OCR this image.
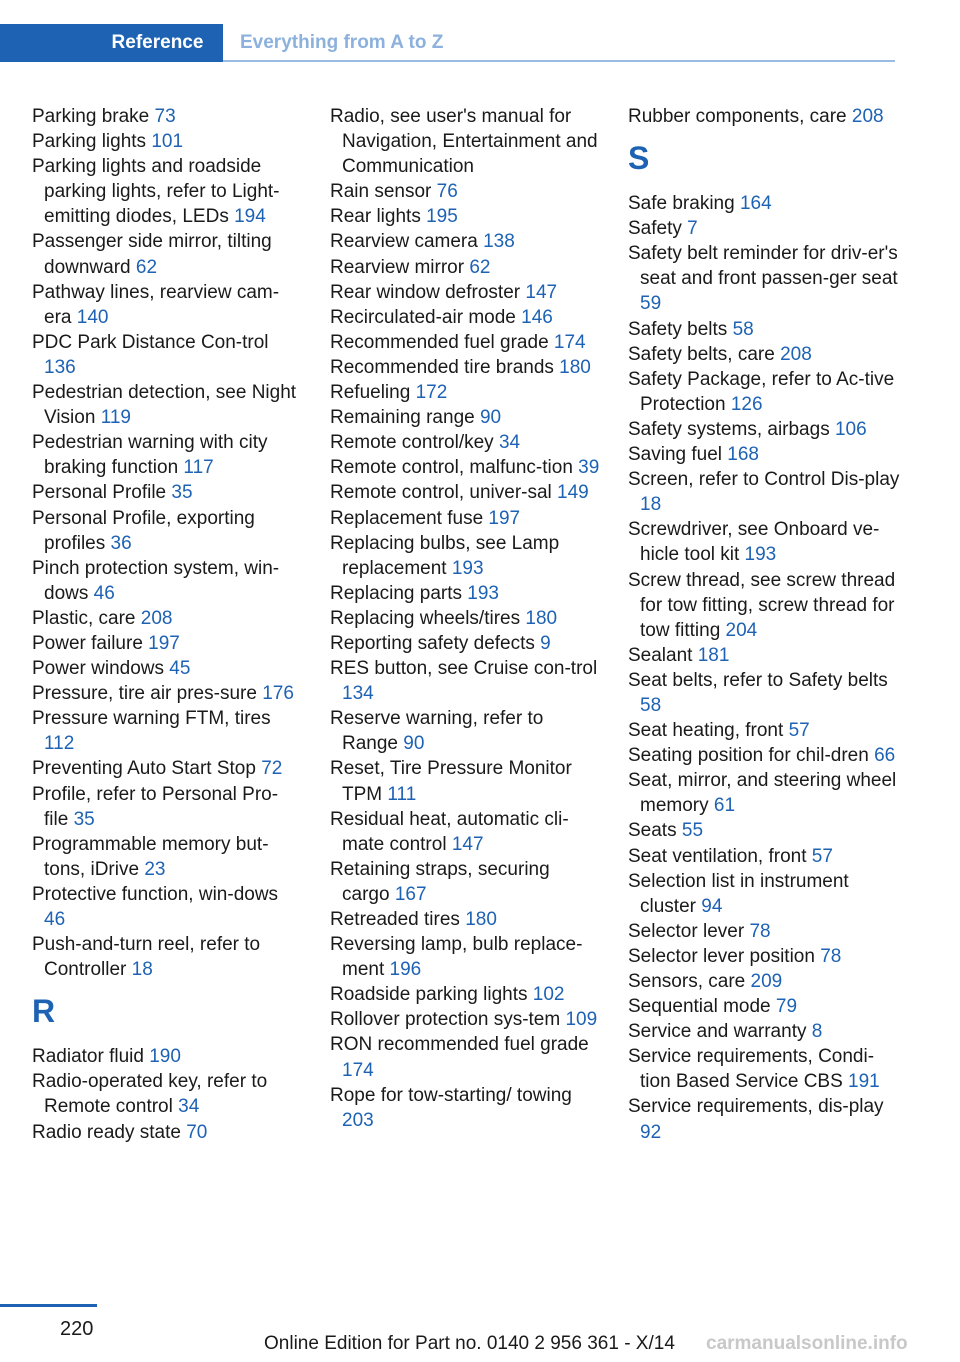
Reference Everything from A to Z
Parking brake 73
Parking lights 101
Parking lights and roadside parking lights, refer to Light-emitting diodes, LEDs 194
Passenger side mirror, tilting downward 62
Pathway lines, rearview cam-era 140
PDC Park Distance Con-trol 136
Pedestrian detection, see Night Vision 119
Pedestrian warning with city braking function 117
Personal Profile 35
Personal Profile, exporting profiles 36
Pinch protection system, win-dows 46
Plastic, care 208
Power failure 197
Power windows 45
Pressure, tire air pres-sure 176
Pressure warning FTM, tires 112
Preventing Auto Start Stop 72
Profile, refer to Personal Pro-file 35
Programmable memory but-tons, iDrive 23
Protective function, win-dows 46
Push-and-turn reel, refer to Controller 18
R
Radiator fluid 190
Radio-operated key, refer to Remote control 34
Radio ready state 70
Radio, see user's manual for Navigation, Entertainment and Communication
Rain sensor 76
Rear lights 195
Rearview camera 138
Rearview mirror 62
Rear window defroster 147
Recirculated-air mode 146
Recommended fuel grade 174
Recommended tire brands 180
Refueling 172
Remaining range 90
Remote control/key 34
Remote control, malfunc-tion 39
Remote control, univer-sal 149
Replacement fuse 197
Replacing bulbs, see Lamp replacement 193
Replacing parts 193
Replacing wheels/tires 180
Reporting safety defects 9
RES button, see Cruise con-trol 134
Reserve warning, refer to Range 90
Reset, Tire Pressure Monitor TPM 111
Residual heat, automatic cli-mate control 147
Retaining straps, securing cargo 167
Retreaded tires 180
Reversing lamp, bulb replace-ment 196
Roadside parking lights 102
Rollover protection sys-tem 109
RON recommended fuel grade 174
Rope for tow-starting/ towing 203
Rubber components, care 208
S
Safe braking 164
Safety 7
Safety belt reminder for driv-er's seat and front passen-ger seat 59
Safety belts 58
Safety belts, care 208
Safety Package, refer to Ac-tive Protection 126
Safety systems, airbags 106
Saving fuel 168
Screen, refer to Control Dis-play 18
Screwdriver, see Onboard ve-hicle tool kit 193
Screw thread, see screw thread for tow fitting, screw thread for tow fitting 204
Sealant 181
Seat belts, refer to Safety belts 58
Seat heating, front 57
Seating position for chil-dren 66
Seat, mirror, and steering wheel memory 61
Seats 55
Seat ventilation, front 57
Selection list in instrument cluster 94
Selector lever 78
Selector lever position 78
Sensors, care 209
Sequential mode 79
Service and warranty 8
Service requirements, Condi-tion Based Service CBS 191
Service requirements, dis-play 92
220
Online Edition for Part no. 0140 2 956 361 - X/14 carmanualsonline.info
